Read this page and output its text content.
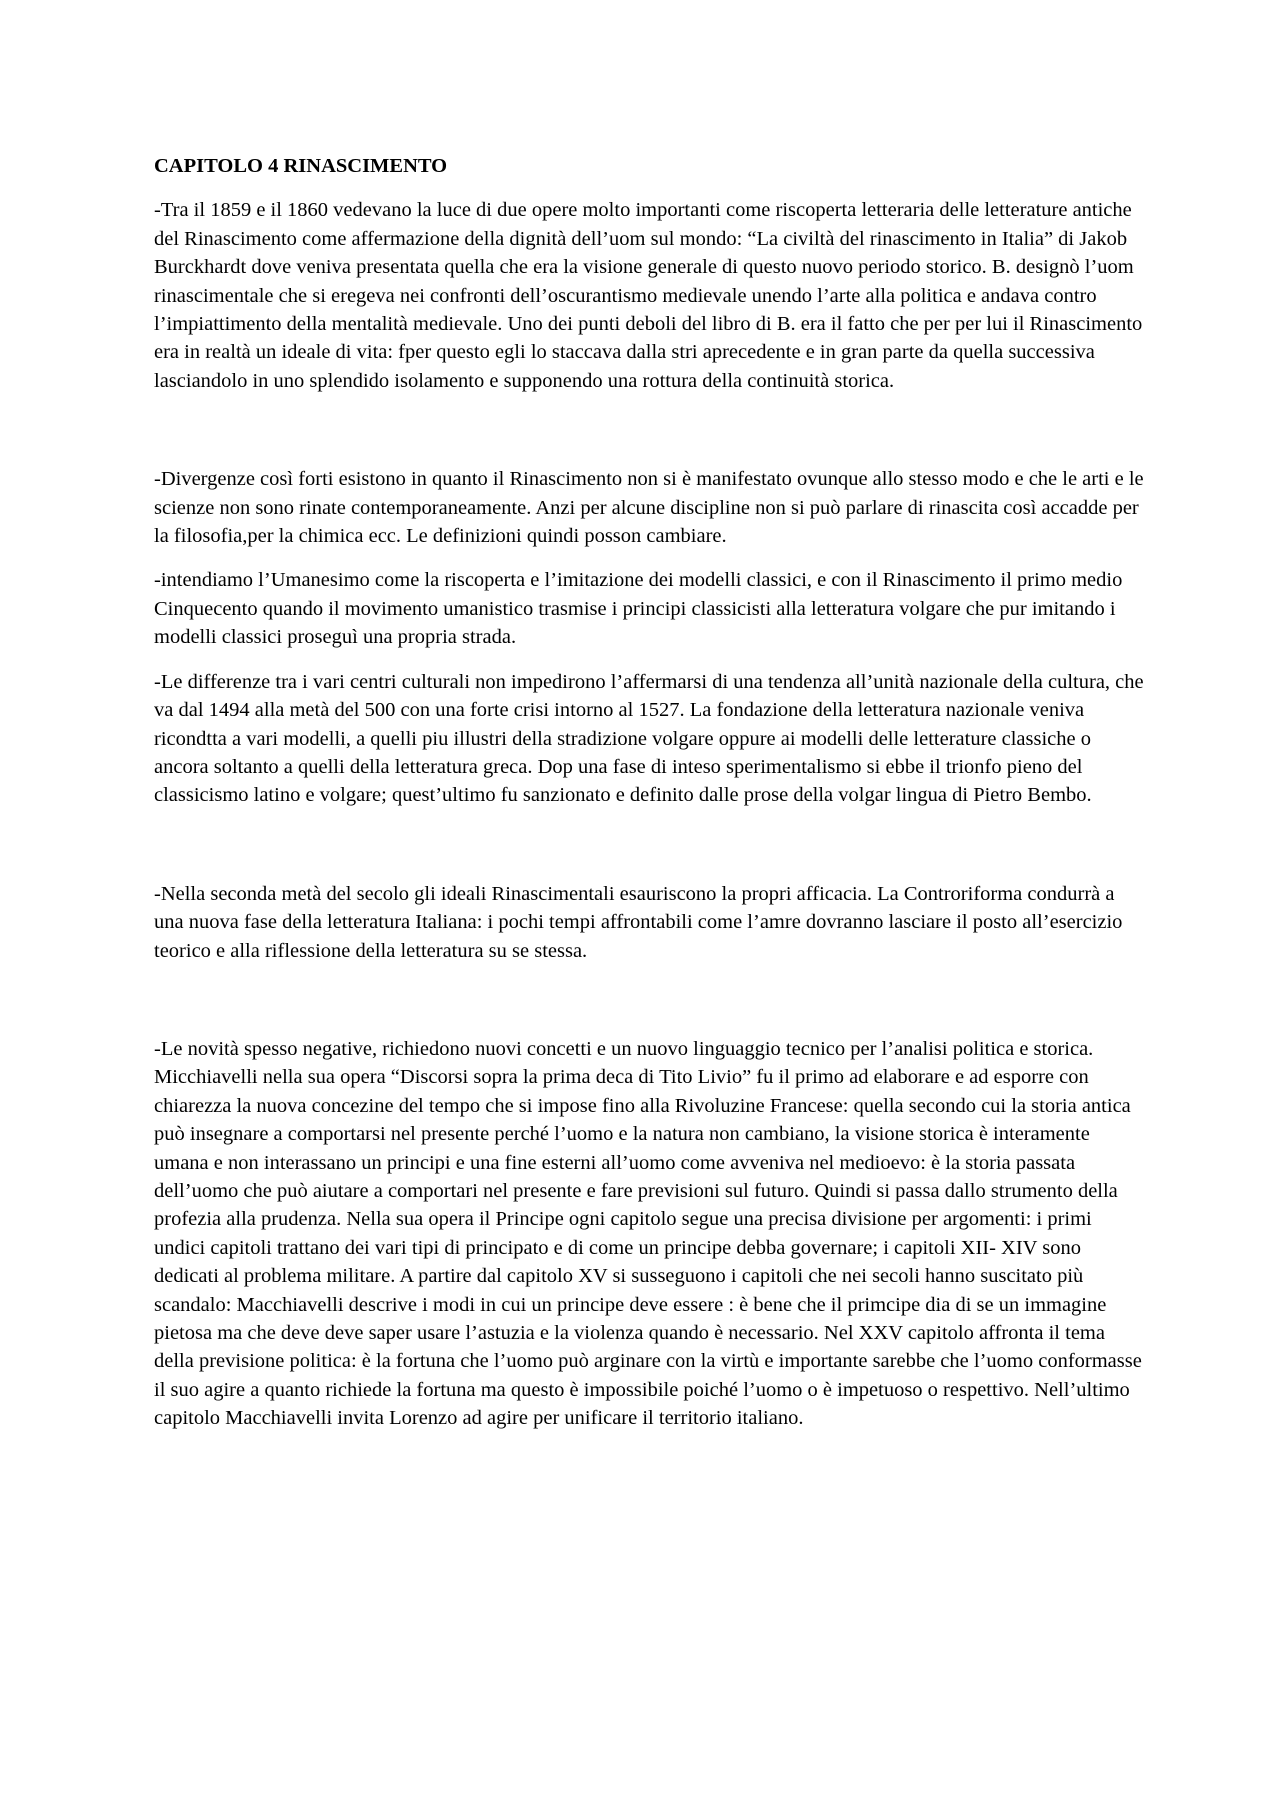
CAPITOLO 4 RINASCIMENTO

-Tra il 1859 e il 1860 vedevano la luce di due opere molto importanti come riscoperta letteraria delle letterature antiche del Rinascimento come affermazione della dignità dell’uom sul mondo: “La civiltà del rinascimento in Italia” di Jakob Burckhardt dove veniva presentata quella che era la visione generale di questo nuovo periodo storico. B. designò l’uom rinascimentale che si eregeva nei confronti dell’oscurantismo medievale unendo l’arte alla politica e andava contro l’impiattimento della mentalità medievale. Uno dei punti deboli del libro di B. era il fatto che per per lui il Rinascimento era in realtà un ideale di vita: fper questo egli lo staccava dalla stri aprecedente e in gran parte da quella successiva lasciandolo in uno splendido isolamento e supponendo una rottura della continuità storica.

-Divergenze così forti esistono in quanto il Rinascimento non si è manifestato ovunque allo stesso modo e che le arti e le scienze non sono rinate contemporaneamente. Anzi per alcune discipline non si può parlare di rinascita così accadde per la filosofia,per la chimica ecc. Le definizioni quindi posson cambiare.

-intendiamo l’Umanesimo come la riscoperta e l’imitazione dei modelli classici, e con il Rinascimento il primo medio Cinquecento quando il movimento umanistico trasmise i principi classicisti alla letteratura volgare che pur imitando i modelli classici proseguì una propria strada.

-Le differenze tra i vari centri culturali non impedirono l’affermarsi di una tendenza all’unità nazionale della cultura, che va dal 1494 alla metà del 500 con una forte crisi intorno al 1527. La fondazione della letteratura nazionale veniva ricondtta a vari modelli, a quelli piu illustri della stradizione volgare oppure ai modelli delle letterature classiche o ancora soltanto a quelli della letteratura greca. Dop una fase di inteso sperimentalismo si ebbe il trionfo pieno del classicismo latino e volgare; quest’ultimo fu sanzionato e definito dalle prose della volgar lingua di Pietro Bembo.

-Nella seconda metà del secolo gli ideali Rinascimentali esauriscono la propri afficacia. La Controriforma condurrà a una nuova fase della letteratura Italiana: i pochi tempi affrontabili come l’amre dovranno lasciare il posto all’esercizio teorico e alla riflessione della letteratura su se stessa.

-Le novità spesso negative, richiedono nuovi concetti e un nuovo linguaggio tecnico per l’analisi politica e storica. Micchiavelli nella sua opera “Discorsi sopra la prima deca di Tito Livio” fu il primo ad elaborare e ad esporre con chiarezza la nuova concezine del tempo che si impose fino alla Rivoluzine Francese: quella secondo cui la storia antica può insegnare a comportarsi nel presente perché l’uomo e la natura non cambiano, la visione storica è interamente umana e non interassano un principi e una fine esterni all’uomo come avveniva nel medioevo: è la storia passata dell’uomo che può aiutare a comportari nel presente e fare previsioni sul futuro. Quindi si passa dallo strumento della profezia alla prudenza. Nella sua opera il Principe ogni capitolo segue una precisa divisione per argomenti: i primi undici capitoli trattano dei vari tipi di principato e di come un principe debba governare; i capitoli XII- XIV sono dedicati al problema militare. A partire dal capitolo XV si susseguono i capitoli che nei secoli hanno suscitato più scandalo: Macchiavelli descrive i modi in cui un principe deve essere : è bene che il primcipe dia di se un immagine pietosa ma che deve deve saper usare l’astuzia e la violenza quando è necessario. Nel XXV capitolo affronta il tema della previsione politica: è la fortuna che l’uomo può arginare con la virtù e importante sarebbe che l’uomo conformasse il suo agire a quanto richiede la fortuna ma questo è impossibile poiché l’uomo o è impetuoso o respettivo. Nell’ultimo capitolo Macchiavelli invita Lorenzo ad agire per unificare il territorio italiano.
